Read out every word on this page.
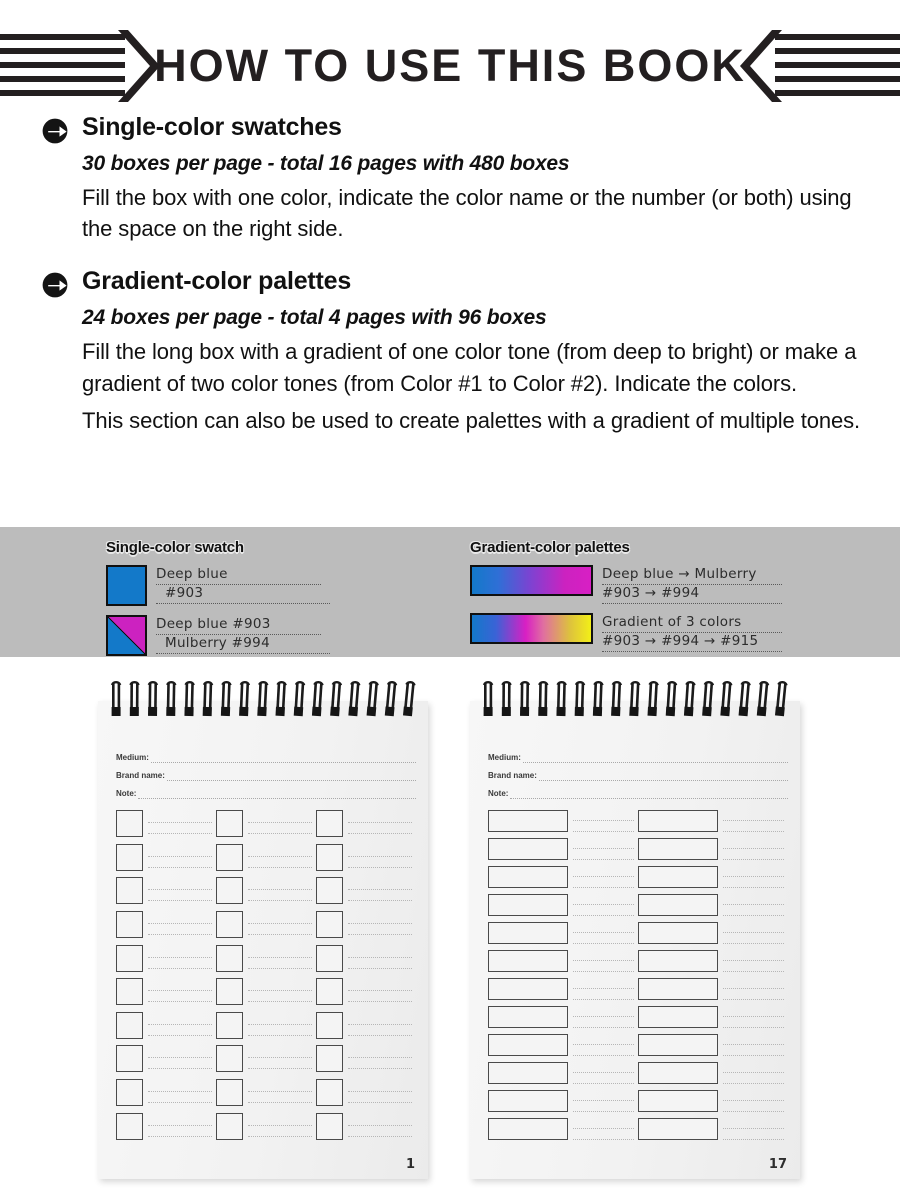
HOW TO USE THIS BOOK
Single-color swatches
30 boxes per page - total 16 pages with 480 boxes

Fill the box with one color, indicate the color name or the number (or both) using the space on the right side.

Gradient-color palettes
24 boxes per page - total 4 pages with 96 boxes

Fill the long box with a gradient of one color tone (from deep to bright) or make a gradient of two color tones (from Color #1 to Color #2). Indicate the colors.

This section can also be used to create palettes with a gradient of multiple tones.

Single-color swatch
Deep blue
#903
Deep blue #903
Mulberry #994
Gradient-color palettes
Deep blue → Mulberry
#903 → #994
Gradient of 3 colors
#903 → #994 → #915
Medium:
Brand name:
Note:
1
Medium:
Brand name:
Note:
17
